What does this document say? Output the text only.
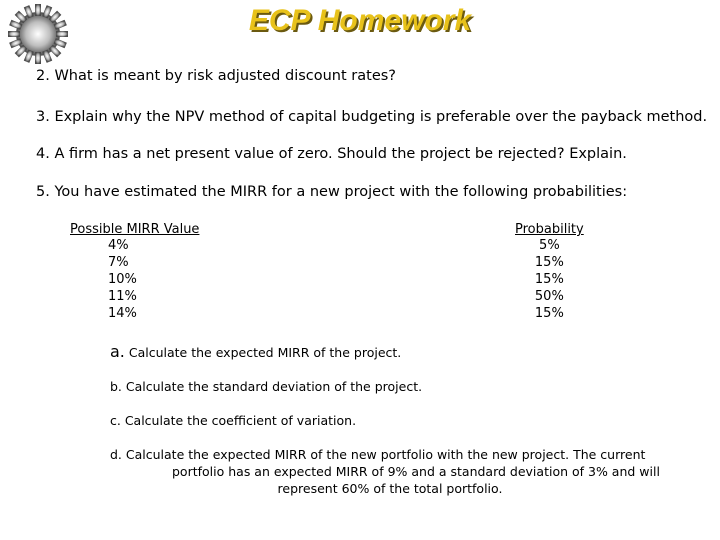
ECP Homework
2. What is meant by risk adjusted discount rates?
3. Explain why the NPV method of capital budgeting is preferable over the payback method.
4. A firm has a net present value of zero. Should the project be rejected? Explain.
5. You have estimated the MIRR for a new project with the following probabilities:
Possible MIRR Value
4%
7%
10%
11%
14%
Probability
5%
15%
15%
50%
15%
a. Calculate the expected MIRR of the project.
b. Calculate the standard deviation of the project.
c. Calculate the coefficient of variation.
d. Calculate the expected MIRR of the new portfolio with the new project. The current
portfolio has an expected MIRR of 9% and a standard deviation of 3% and will
represent 60% of the total portfolio.
